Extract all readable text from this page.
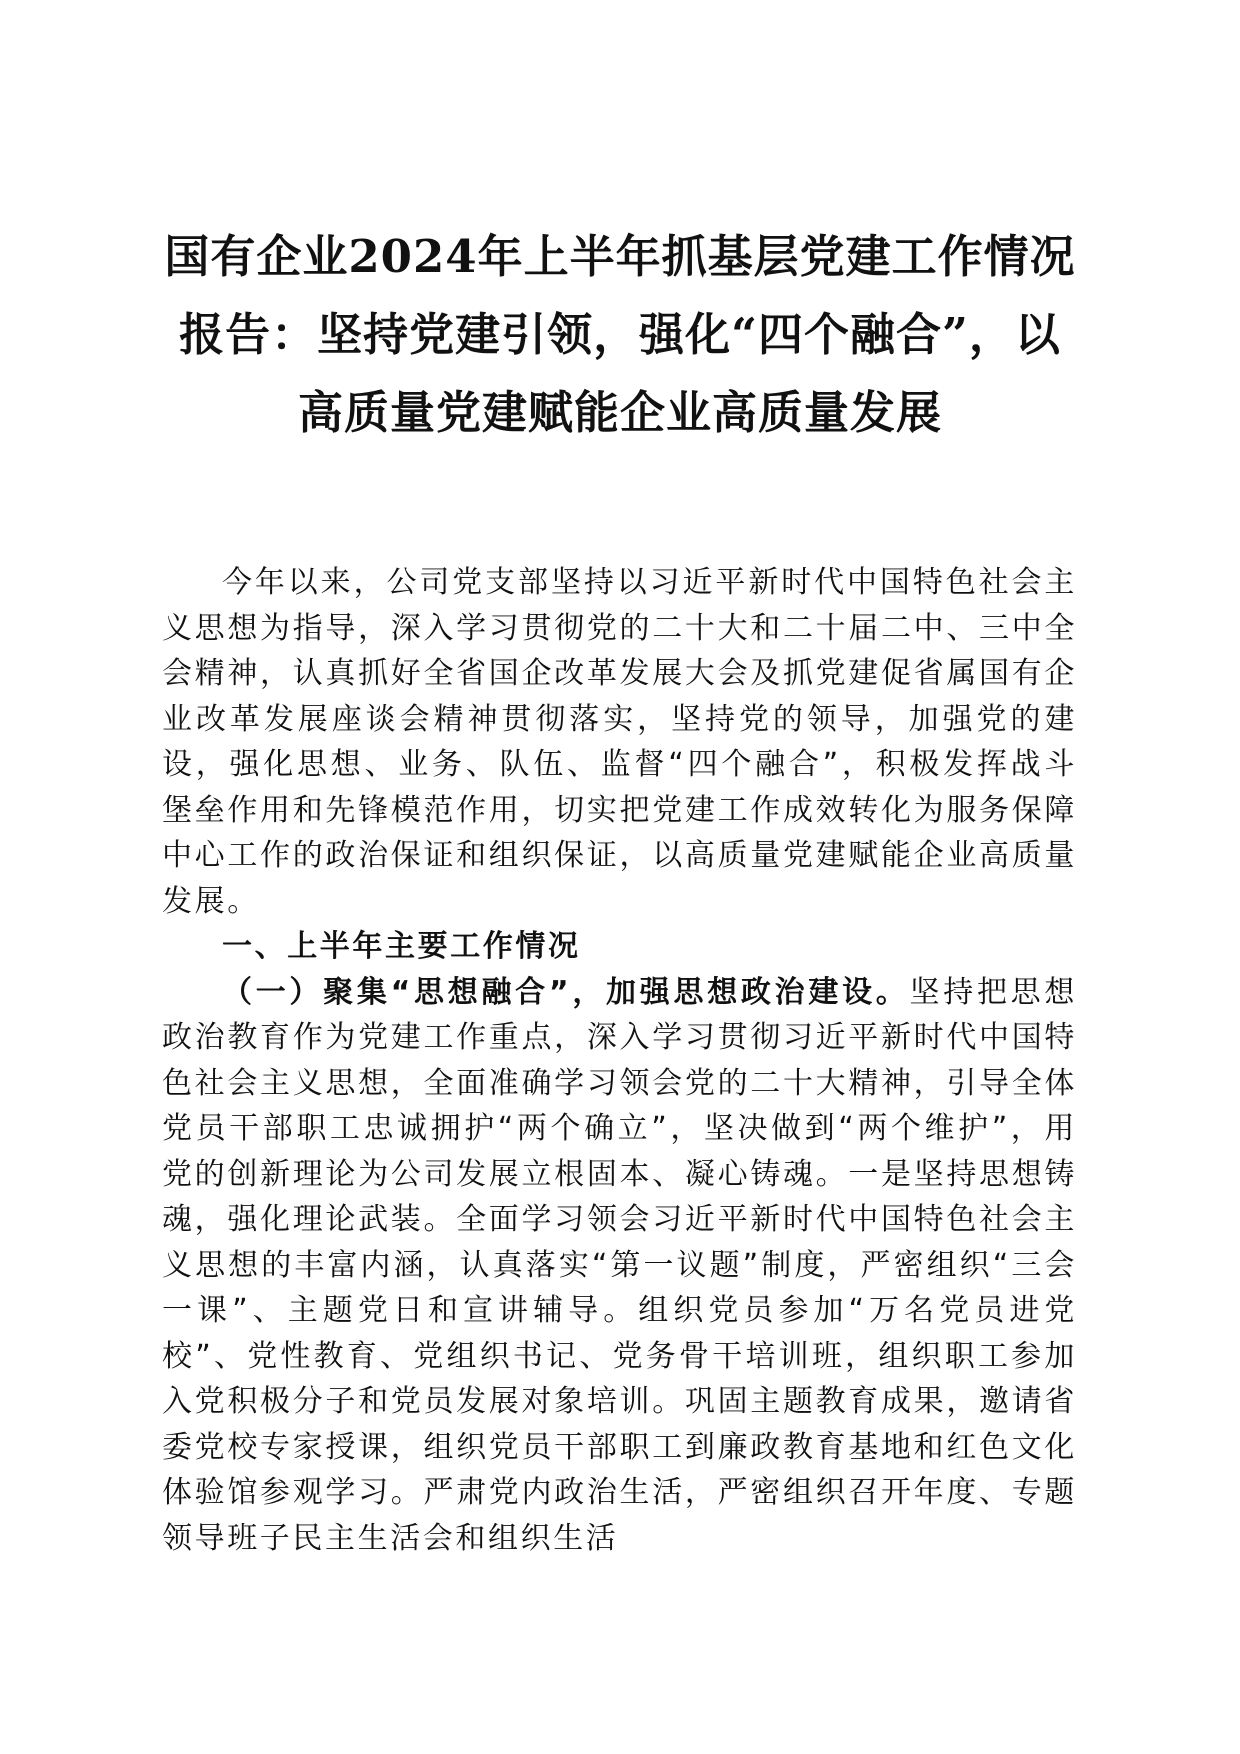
国有企业2024年上半年抓基层党建工作情况
报告：坚持党建引领，强化“四个融合”，以
高质量党建赋能企业高质量发展

今年以来，公司党支部坚持以习近平新时代中国特色社会主义思想为指导，深入学习贯彻党的二十大和二十届二中、三中全会精神，认真抓好全省国企改革发展大会及抓党建促省属国有企业改革发展座谈会精神贯彻落实，坚持党的领导，加强党的建设，强化思想、业务、队伍、监督“四个融合”，积极发挥战斗堡垒作用和先锋模范作用，切实把党建工作成效转化为服务保障中心工作的政治保证和组织保证，以高质量党建赋能企业高质量发展。

一、上半年主要工作情况

（一）聚集“思想融合”，加强思想政治建设。坚持把思想政治教育作为党建工作重点，深入学习贯彻习近平新时代中国特色社会主义思想，全面准确学习领会党的二十大精神，引导全体党员干部职工忠诚拥护“两个确立”，坚决做到“两个维护”，用党的创新理论为公司发展立根固本、凝心铸魂。一是坚持思想铸魂，强化理论武装。全面学习领会习近平新时代中国特色社会主义思想的丰富内涵，认真落实“第一议题”制度，严密组织“三会一课”、主题党日和宣讲辅导。组织党员参加“万名党员进党校”、党性教育、党组织书记、党务骨干培训班，组织职工参加入党积极分子和党员发展对象培训。巩固主题教育成果，邀请省委党校专家授课，组织党员干部职工到廉政教育基地和红色文化体验馆参观学习。严肃党内政治生活，严密组织召开年度、专题领导班子民主生活会和组织生活
